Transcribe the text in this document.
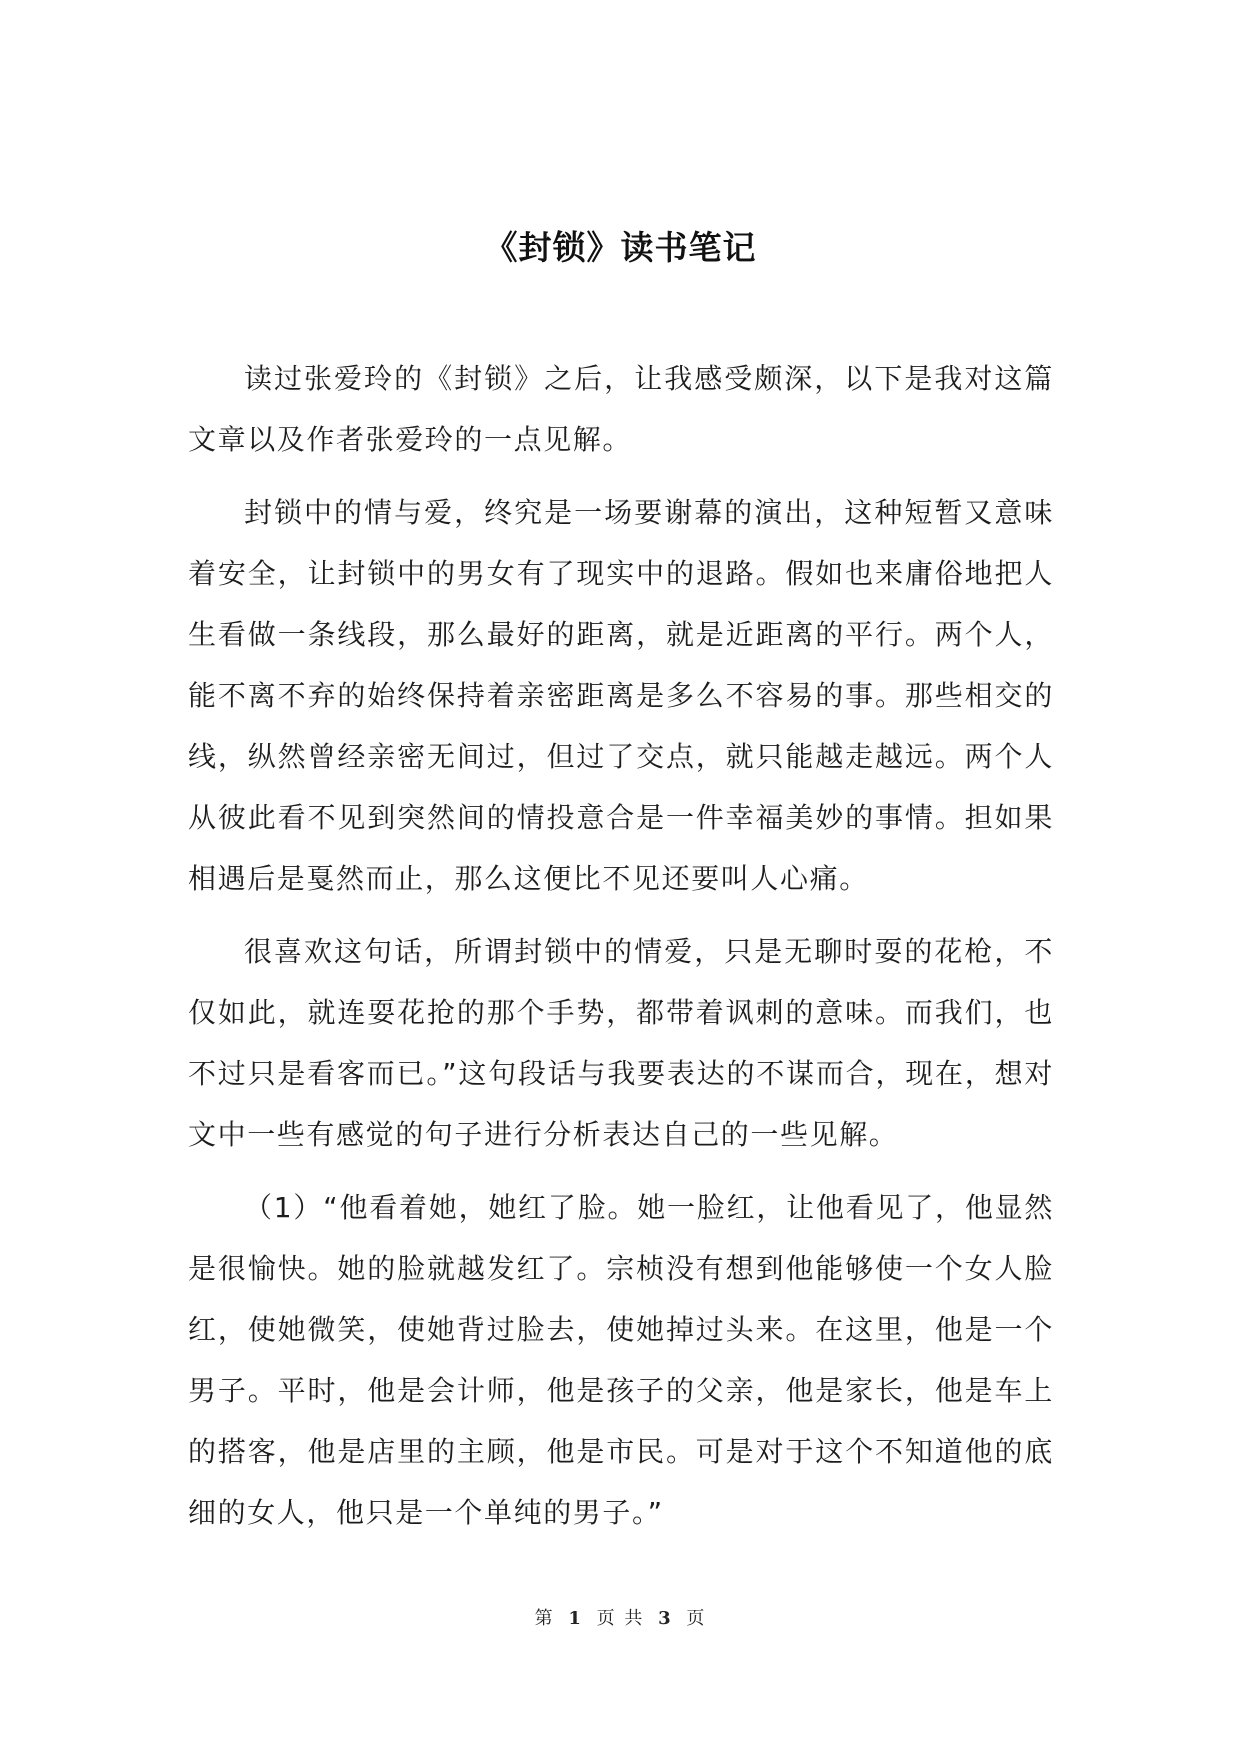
《封锁》读书笔记

读过张爱玲的《封锁》之后，让我感受颇深，以下是我对这篇文章以及作者张爱玲的一点见解。

封锁中的情与爱，终究是一场要谢幕的演出，这种短暂又意味着安全，让封锁中的男女有了现实中的退路。假如也来庸俗地把人生看做一条线段，那么最好的距离，就是近距离的平行。两个人，能不离不弃的始终保持着亲密距离是多么不容易的事。那些相交的线，纵然曾经亲密无间过，但过了交点，就只能越走越远。两个人从彼此看不见到突然间的情投意合是一件幸福美妙的事情。担如果相遇后是戛然而止，那么这便比不见还要叫人心痛。

很喜欢这句话，所谓封锁中的情爱，只是无聊时耍的花枪，不仅如此，就连耍花抢的那个手势，都带着讽刺的意味。而我们，也不过只是看客而已。”这句段话与我要表达的不谋而合，现在，想对文中一些有感觉的句子进行分析表达自己的一些见解。

（1）“他看着她，她红了脸。她一脸红，让他看见了，他显然是很愉快。她的脸就越发红了。宗桢没有想到他能够使一个女人脸红，使她微笑，使她背过脸去，使她掉过头来。在这里，他是一个男子。平时，他是会计师，他是孩子的父亲，他是家长，他是车上的搭客，他是店里的主顾，他是市民。可是对于这个不知道他的底细的女人，他只是一个单纯的男子。”

第 1 页 共 3 页
